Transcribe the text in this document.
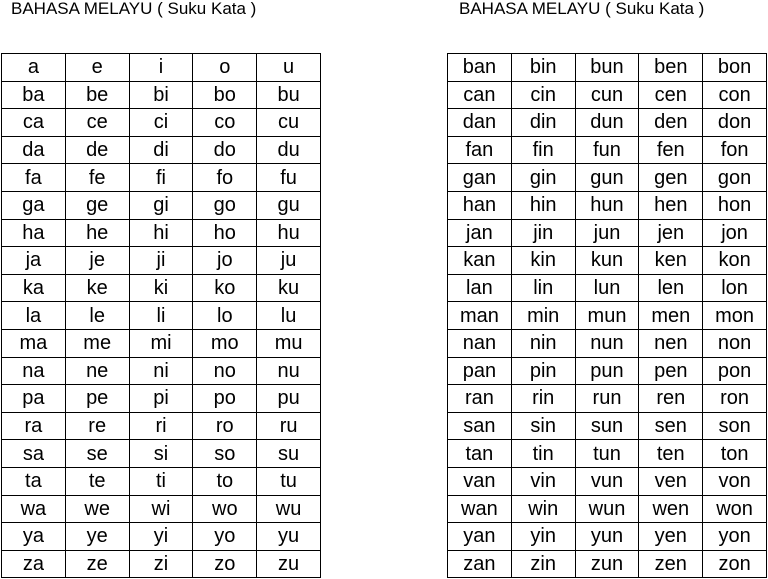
BAHASA MELAYU ( Suku Kata )	BAHASA MELAYU ( Suku Kata )
a	e	i	o	u
ba	be	bi	bo	bu
ca	ce	ci	co	cu
da	de	di	do	du
fa	fe	fi	fo	fu
ga	ge	gi	go	gu
ha	he	hi	ho	hu
ja	je	ji	jo	ju
ka	ke	ki	ko	ku
la	le	li	lo	lu
ma	me	mi	mo	mu
na	ne	ni	no	nu
pa	pe	pi	po	pu
ra	re	ri	ro	ru
sa	se	si	so	su
ta	te	ti	to	tu
wa	we	wi	wo	wu
ya	ye	yi	yo	yu
za	ze	zi	zo	zu
ban	bin	bun	ben	bon
can	cin	cun	cen	con
dan	din	dun	den	don
fan	fin	fun	fen	fon
gan	gin	gun	gen	gon
han	hin	hun	hen	hon
jan	jin	jun	jen	jon
kan	kin	kun	ken	kon
lan	lin	lun	len	lon
man	min	mun	men	mon
nan	nin	nun	nen	non
pan	pin	pun	pen	pon
ran	rin	run	ren	ron
san	sin	sun	sen	son
tan	tin	tun	ten	ton
van	vin	vun	ven	von
wan	win	wun	wen	won
yan	yin	yun	yen	yon
zan	zin	zun	zen	zon
